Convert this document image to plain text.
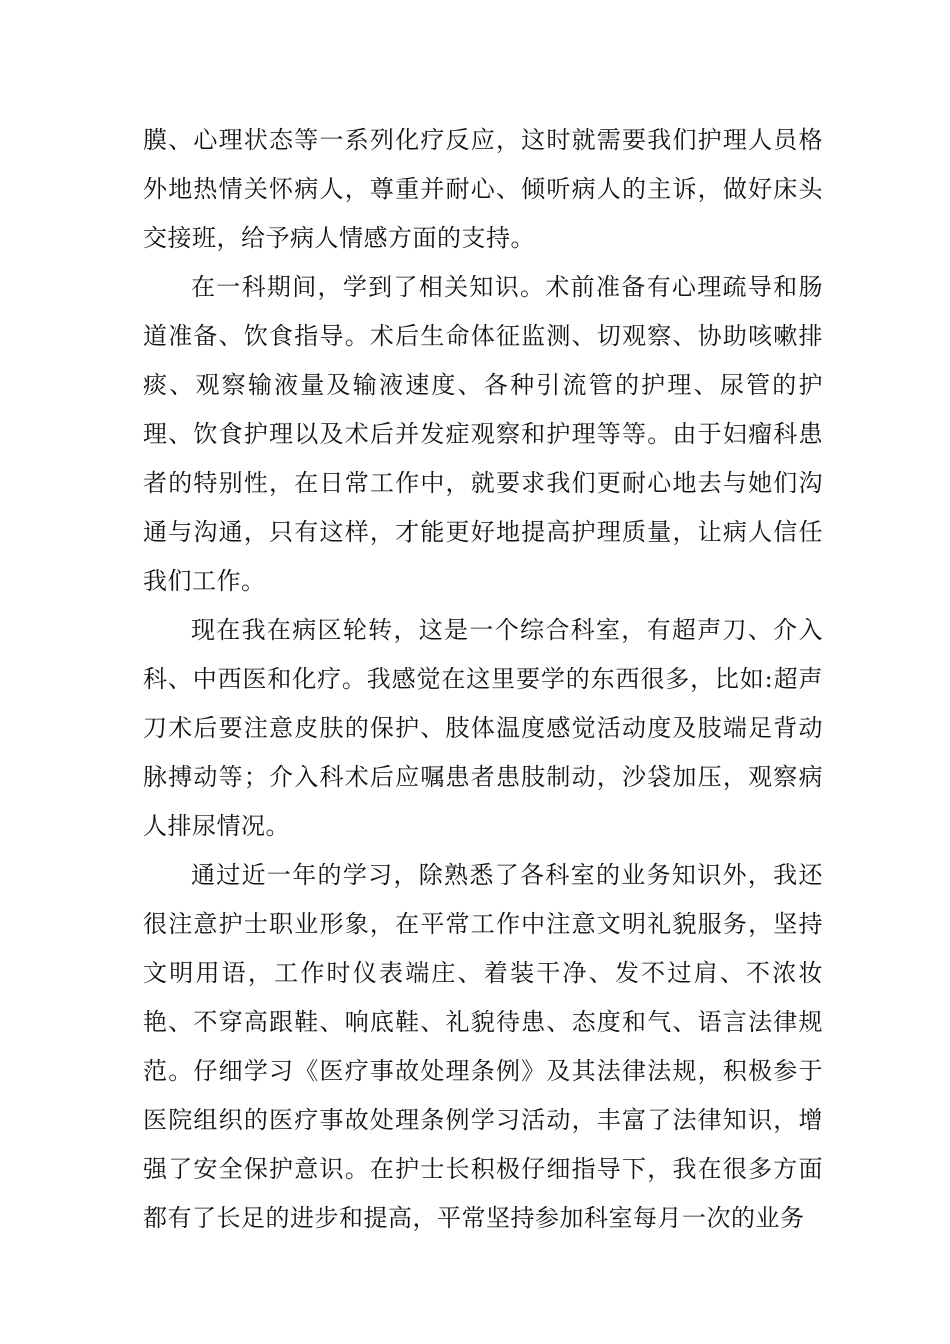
膜、心理状态等一系列化疗反应，这时就需要我们护理人员格外地热情关怀病人，尊重并耐心、倾听病人的主诉，做好床头交接班，给予病人情感方面的支持。

在一科期间，学到了相关知识。术前准备有心理疏导和肠道准备、饮食指导。术后生命体征监测、切观察、协助咳嗽排痰、观察输液量及输液速度、各种引流管的护理、尿管的护理、饮食护理以及术后并发症观察和护理等等。由于妇瘤科患者的特别性，在日常工作中，就要求我们更耐心地去与她们沟通与沟通，只有这样，才能更好地提高护理质量，让病人信任我们工作。

现在我在病区轮转，这是一个综合科室，有超声刀、介入科、中西医和化疗。我感觉在这里要学的东西很多，比如:超声刀术后要注意皮肤的保护、肢体温度感觉活动度及肢端足背动脉搏动等；介入科术后应嘱患者患肢制动，沙袋加压，观察病人排尿情况。

通过近一年的学习，除熟悉了各科室的业务知识外，我还很注意护士职业形象，在平常工作中注意文明礼貌服务，坚持文明用语，工作时仪表端庄、着装干净、发不过肩、不浓妆艳、不穿高跟鞋、响底鞋、礼貌待患、态度和气、语言法律规范。仔细学习《医疗事故处理条例》及其法律法规，积极参于医院组织的医疗事故处理条例学习活动，丰富了法律知识，增强了安全保护意识。在护士长积极仔细指导下，我在很多方面都有了长足的进步和提高，平常坚持参加科室每月一次的业务
